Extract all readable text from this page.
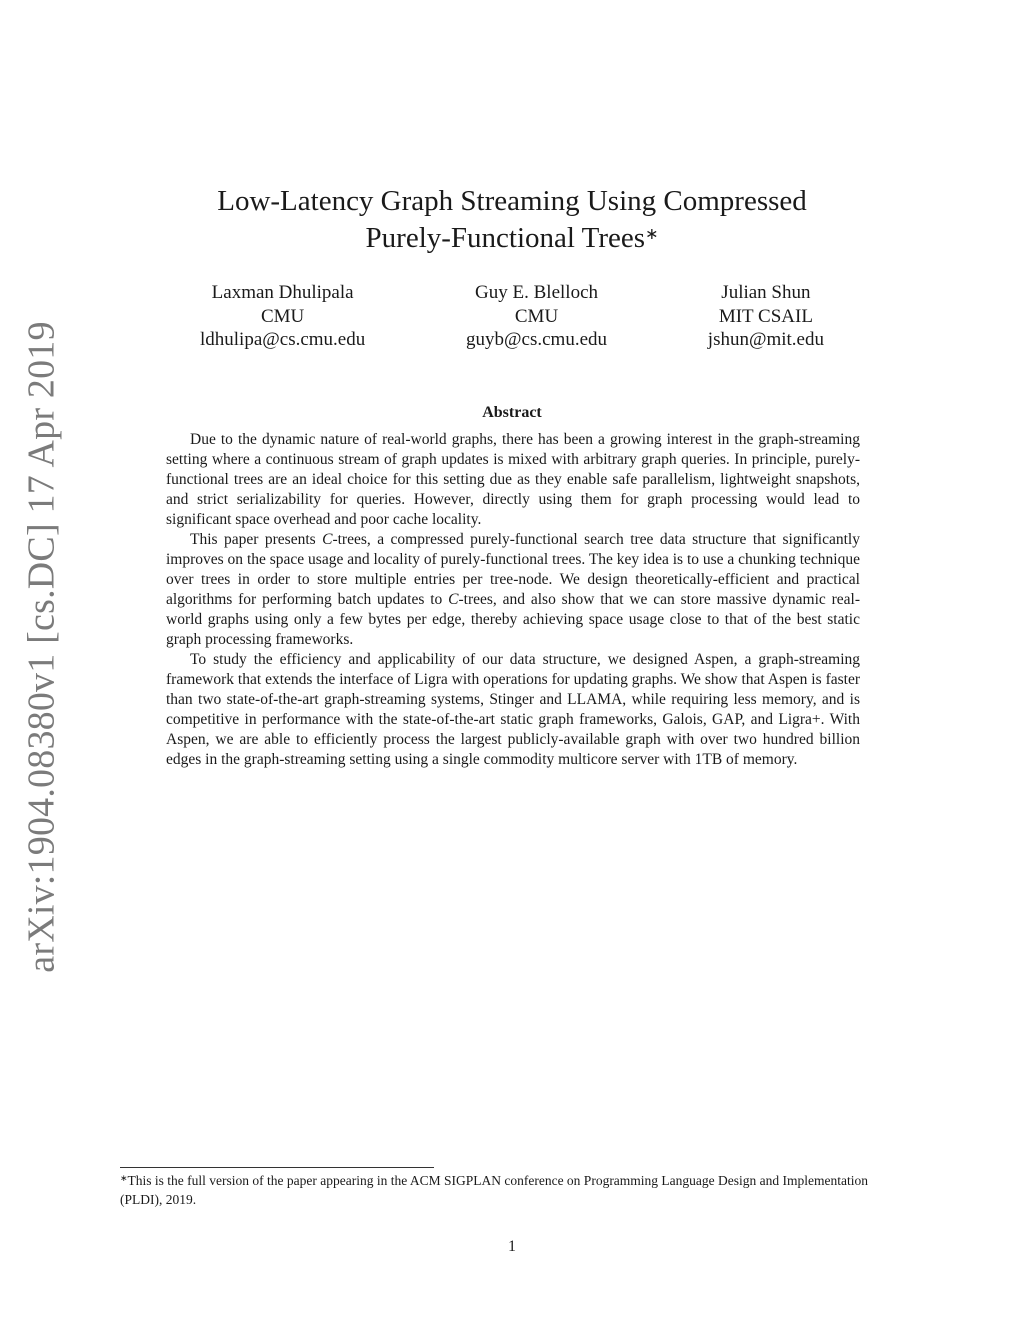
arXiv:1904.08380v1 [cs.DC] 17 Apr 2019
Low-Latency Graph Streaming Using Compressed
Purely-Functional Trees∗
Laxman Dhulipala
CMU
ldhulipa@cs.cmu.edu
Guy E. Blelloch
CMU
guyb@cs.cmu.edu
Julian Shun
MIT CSAIL
jshun@mit.edu
Abstract

Due to the dynamic nature of real-world graphs, there has been a growing interest in the graph-streaming setting where a continuous stream of graph updates is mixed with arbitrary graph queries. In principle, purely-functional trees are an ideal choice for this setting due as they enable safe parallelism, lightweight snapshots, and strict serializability for queries. However, directly using them for graph processing would lead to significant space overhead and poor cache locality.

This paper presents C-trees, a compressed purely-functional search tree data structure that significantly improves on the space usage and locality of purely-functional trees. The key idea is to use a chunking technique over trees in order to store multiple entries per tree-node. We design theoretically-efficient and practical algorithms for performing batch updates to C-trees, and also show that we can store massive dynamic real-world graphs using only a few bytes per edge, thereby achieving space usage close to that of the best static graph processing frameworks.

To study the efficiency and applicability of our data structure, we designed Aspen, a graph-streaming framework that extends the interface of Ligra with operations for updating graphs. We show that Aspen is faster than two state-of-the-art graph-streaming systems, Stinger and LLAMA, while requiring less memory, and is competitive in performance with the state-of-the-art static graph frameworks, Galois, GAP, and Ligra+. With Aspen, we are able to efficiently process the largest publicly-available graph with over two hundred billion edges in the graph-streaming setting using a single commodity multicore server with 1TB of memory.

∗This is the full version of the paper appearing in the ACM SIGPLAN conference on Programming Language Design and Implementation (PLDI), 2019.

1
